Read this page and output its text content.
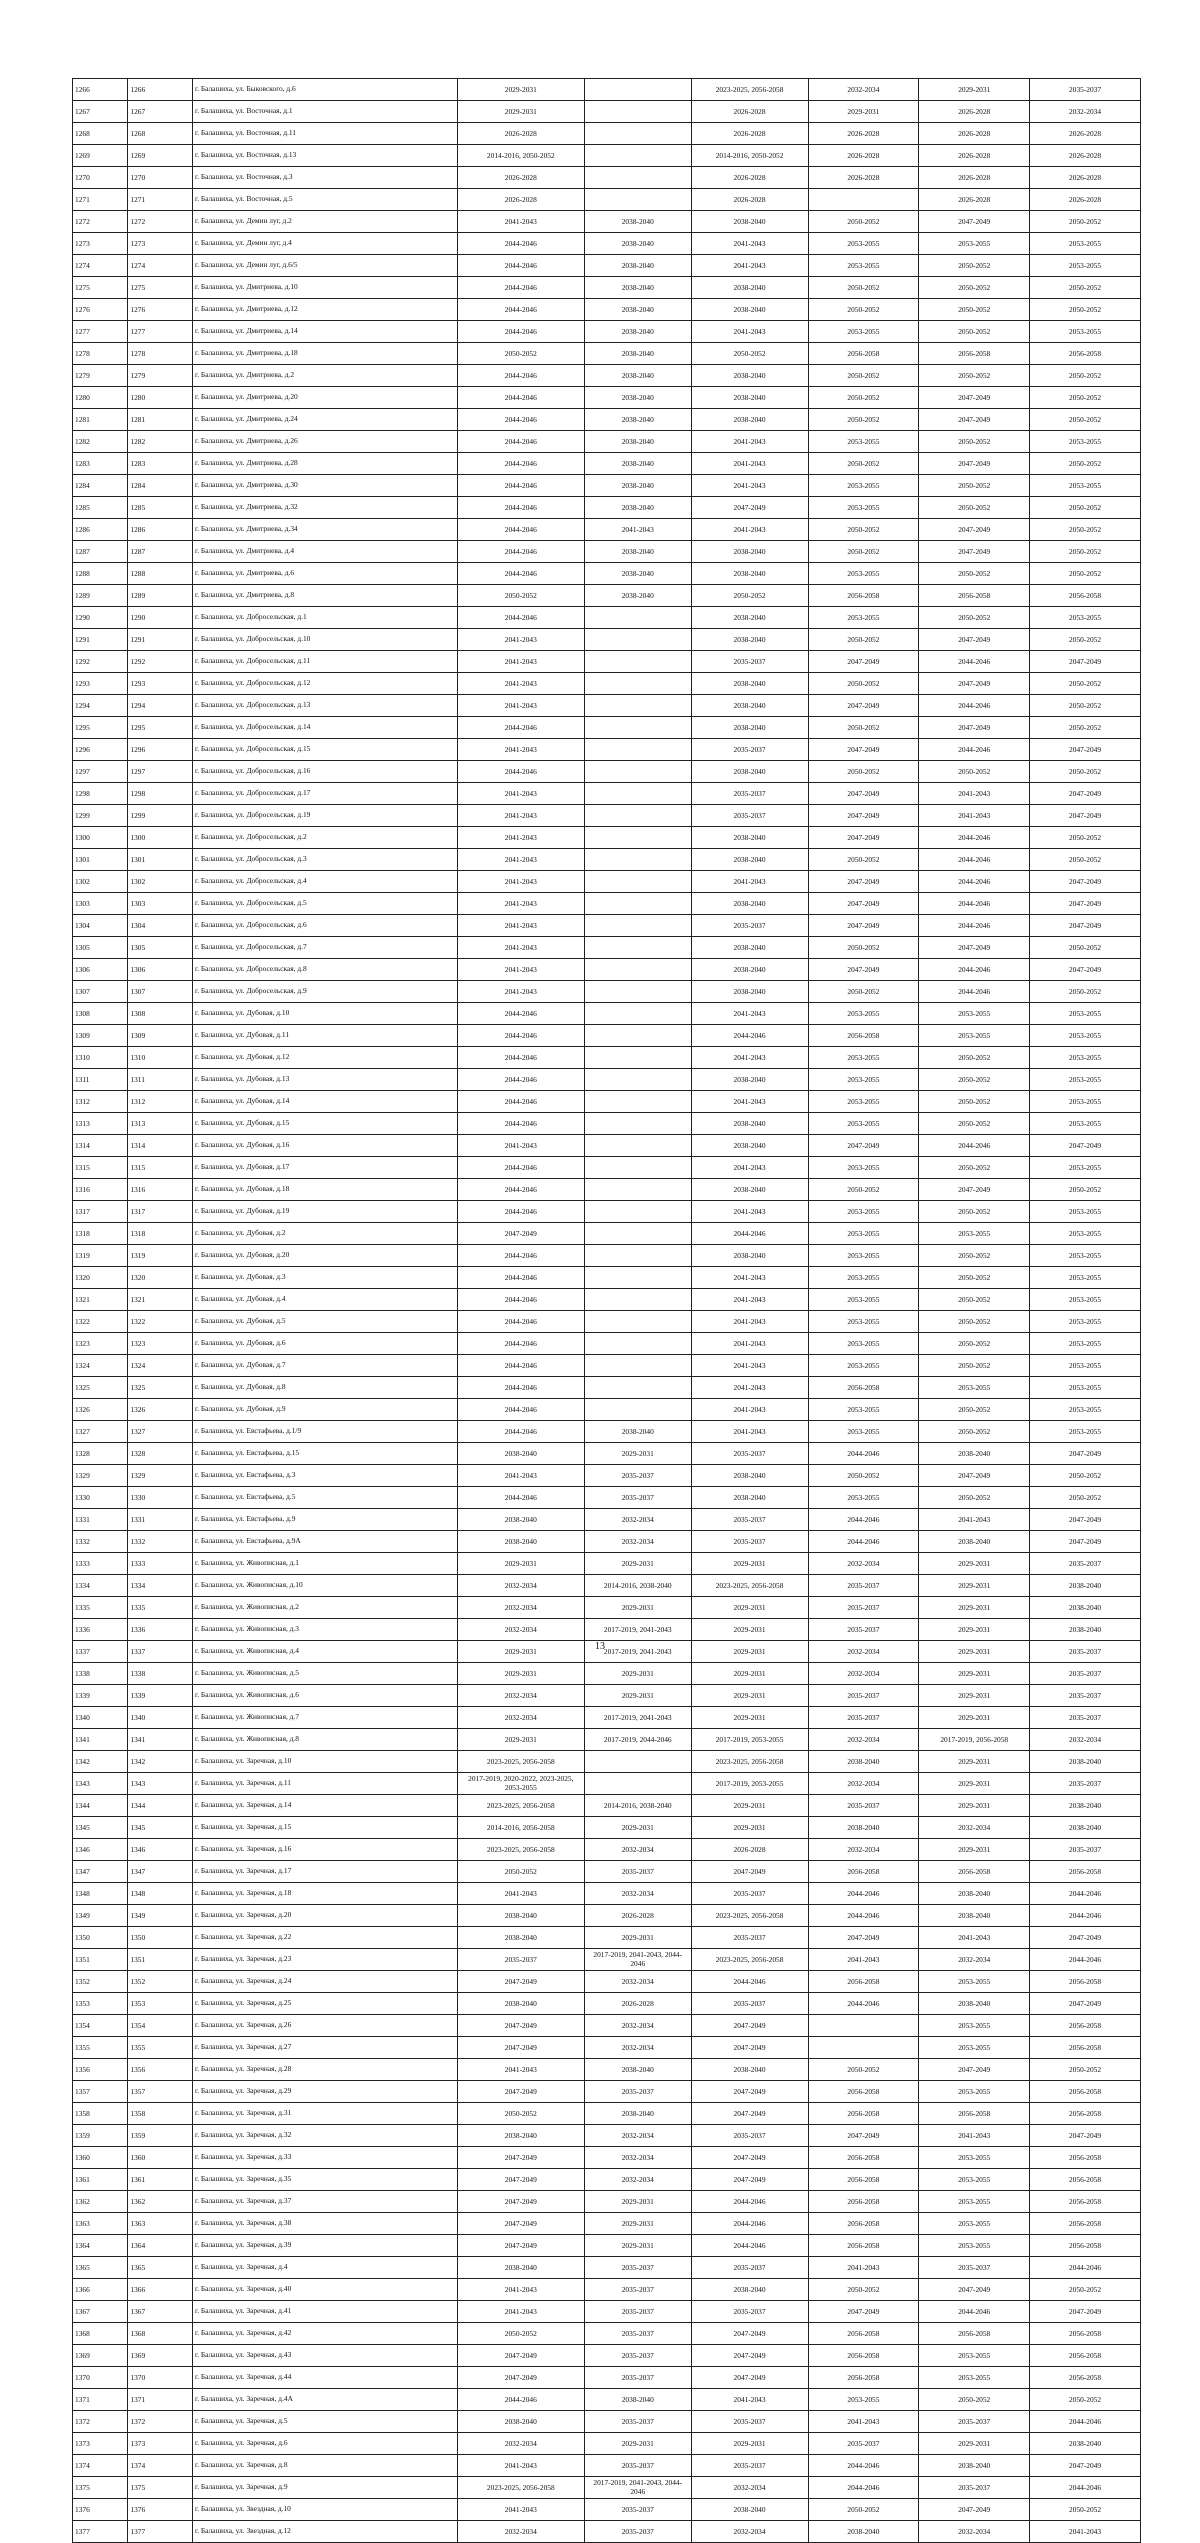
1266	1266	г. Балашиха, ул. Быковского, д.6	2029-2031		2023-2025, 2056-2058	2032-2034	2029-2031	2035-2037
1267	1267	г. Балашиха, ул. Восточная, д.1	2029-2031		2026-2028	2029-2031	2026-2028	2032-2034
1268	1268	г. Балашиха, ул. Восточная, д.11	2026-2028		2026-2028	2026-2028	2026-2028	2026-2028
1269	1269	г. Балашиха, ул. Восточная, д.13	2014-2016, 2050-2052		2014-2016, 2050-2052	2026-2028	2026-2028	2026-2028
1270	1270	г. Балашиха, ул. Восточная, д.3	2026-2028		2026-2028	2026-2028	2026-2028	2026-2028
1271	1271	г. Балашиха, ул. Восточная, д.5	2026-2028		2026-2028		2026-2028	2026-2028
1272	1272	г. Балашиха, ул. Демин луг, д.2	2041-2043	2038-2040	2038-2040	2050-2052	2047-2049	2050-2052
1273	1273	г. Балашиха, ул. Демин луг, д.4	2044-2046	2038-2040	2041-2043	2053-2055	2053-2055	2053-2055
1274	1274	г. Балашиха, ул. Демин луг, д.6/5	2044-2046	2038-2040	2041-2043	2053-2055	2050-2052	2053-2055
1275	1275	г. Балашиха, ул. Дмитриева, д.10	2044-2046	2038-2040	2038-2040	2050-2052	2050-2052	2050-2052
1276	1276	г. Балашиха, ул. Дмитриева, д.12	2044-2046	2038-2040	2038-2040	2050-2052	2050-2052	2050-2052
1277	1277	г. Балашиха, ул. Дмитриева, д.14	2044-2046	2038-2040	2041-2043	2053-2055	2050-2052	2053-2055
1278	1278	г. Балашиха, ул. Дмитриева, д.18	2050-2052	2038-2040	2050-2052	2056-2058	2056-2058	2056-2058
1279	1279	г. Балашиха, ул. Дмитриева, д.2	2044-2046	2038-2040	2038-2040	2050-2052	2050-2052	2050-2052
1280	1280	г. Балашиха, ул. Дмитриева, д.20	2044-2046	2038-2040	2038-2040	2050-2052	2047-2049	2050-2052
1281	1281	г. Балашиха, ул. Дмитриева, д.24	2044-2046	2038-2040	2038-2040	2050-2052	2047-2049	2050-2052
1282	1282	г. Балашиха, ул. Дмитриева, д.26	2044-2046	2038-2040	2041-2043	2053-2055	2050-2052	2053-2055
1283	1283	г. Балашиха, ул. Дмитриева, д.28	2044-2046	2038-2040	2041-2043	2050-2052	2047-2049	2050-2052
1284	1284	г. Балашиха, ул. Дмитриева, д.30	2044-2046	2038-2040	2041-2043	2053-2055	2050-2052	2053-2055
1285	1285	г. Балашиха, ул. Дмитриева, д.32	2044-2046	2038-2040	2047-2049	2053-2055	2050-2052	2050-2052
1286	1286	г. Балашиха, ул. Дмитриева, д.34	2044-2046	2041-2043	2041-2043	2050-2052	2047-2049	2050-2052
1287	1287	г. Балашиха, ул. Дмитриева, д.4	2044-2046	2038-2040	2038-2040	2050-2052	2047-2049	2050-2052
1288	1288	г. Балашиха, ул. Дмитриева, д.6	2044-2046	2038-2040	2038-2040	2053-2055	2050-2052	2050-2052
1289	1289	г. Балашиха, ул. Дмитриева, д.8	2050-2052	2038-2040	2050-2052	2056-2058	2056-2058	2056-2058
1290	1290	г. Балашиха, ул. Добросельская, д.1	2044-2046		2038-2040	2053-2055	2050-2052	2053-2055
1291	1291	г. Балашиха, ул. Добросельская, д.10	2041-2043		2038-2040	2050-2052	2047-2049	2050-2052
1292	1292	г. Балашиха, ул. Добросельская, д.11	2041-2043		2035-2037	2047-2049	2044-2046	2047-2049
1293	1293	г. Балашиха, ул. Добросельская, д.12	2041-2043		2038-2040	2050-2052	2047-2049	2050-2052
1294	1294	г. Балашиха, ул. Добросельская, д.13	2041-2043		2038-2040	2047-2049	2044-2046	2050-2052
1295	1295	г. Балашиха, ул. Добросельская, д.14	2044-2046		2038-2040	2050-2052	2047-2049	2050-2052
1296	1296	г. Балашиха, ул. Добросельская, д.15	2041-2043		2035-2037	2047-2049	2044-2046	2047-2049
1297	1297	г. Балашиха, ул. Добросельская, д.16	2044-2046		2038-2040	2050-2052	2050-2052	2050-2052
1298	1298	г. Балашиха, ул. Добросельская, д.17	2041-2043		2035-2037	2047-2049	2041-2043	2047-2049
1299	1299	г. Балашиха, ул. Добросельская, д.19	2041-2043		2035-2037	2047-2049	2041-2043	2047-2049
1300	1300	г. Балашиха, ул. Добросельская, д.2	2041-2043		2038-2040	2047-2049	2044-2046	2050-2052
1301	1301	г. Балашиха, ул. Добросельская, д.3	2041-2043		2038-2040	2050-2052	2044-2046	2050-2052
1302	1302	г. Балашиха, ул. Добросельская, д.4	2041-2043		2041-2043	2047-2049	2044-2046	2047-2049
1303	1303	г. Балашиха, ул. Добросельская, д.5	2041-2043		2038-2040	2047-2049	2044-2046	2047-2049
1304	1304	г. Балашиха, ул. Добросельская, д.6	2041-2043		2035-2037	2047-2049	2044-2046	2047-2049
1305	1305	г. Балашиха, ул. Добросельская, д.7	2041-2043		2038-2040	2050-2052	2047-2049	2050-2052
1306	1306	г. Балашиха, ул. Добросельская, д.8	2041-2043		2038-2040	2047-2049	2044-2046	2047-2049
1307	1307	г. Балашиха, ул. Добросельская, д.9	2041-2043		2038-2040	2050-2052	2044-2046	2050-2052
1308	1308	г. Балашиха, ул. Дубовая, д.10	2044-2046		2041-2043	2053-2055	2053-2055	2053-2055
1309	1309	г. Балашиха, ул. Дубовая, д.11	2044-2046		2044-2046	2056-2058	2053-2055	2053-2055
1310	1310	г. Балашиха, ул. Дубовая, д.12	2044-2046		2041-2043	2053-2055	2050-2052	2053-2055
1311	1311	г. Балашиха, ул. Дубовая, д.13	2044-2046		2038-2040	2053-2055	2050-2052	2053-2055
1312	1312	г. Балашиха, ул. Дубовая, д.14	2044-2046		2041-2043	2053-2055	2050-2052	2053-2055
1313	1313	г. Балашиха, ул. Дубовая, д.15	2044-2046		2038-2040	2053-2055	2050-2052	2053-2055
1314	1314	г. Балашиха, ул. Дубовая, д.16	2041-2043		2038-2040	2047-2049	2044-2046	2047-2049
1315	1315	г. Балашиха, ул. Дубовая, д.17	2044-2046		2041-2043	2053-2055	2050-2052	2053-2055
1316	1316	г. Балашиха, ул. Дубовая, д.18	2044-2046		2038-2040	2050-2052	2047-2049	2050-2052
1317	1317	г. Балашиха, ул. Дубовая, д.19	2044-2046		2041-2043	2053-2055	2050-2052	2053-2055
1318	1318	г. Балашиха, ул. Дубовая, д.2	2047-2049		2044-2046	2053-2055	2053-2055	2053-2055
1319	1319	г. Балашиха, ул. Дубовая, д.20	2044-2046		2038-2040	2053-2055	2050-2052	2053-2055
1320	1320	г. Балашиха, ул. Дубовая, д.3	2044-2046		2041-2043	2053-2055	2050-2052	2053-2055
1321	1321	г. Балашиха, ул. Дубовая, д.4	2044-2046		2041-2043	2053-2055	2050-2052	2053-2055
1322	1322	г. Балашиха, ул. Дубовая, д.5	2044-2046		2041-2043	2053-2055	2050-2052	2053-2055
1323	1323	г. Балашиха, ул. Дубовая, д.6	2044-2046		2041-2043	2053-2055	2050-2052	2053-2055
1324	1324	г. Балашиха, ул. Дубовая, д.7	2044-2046		2041-2043	2053-2055	2050-2052	2053-2055
1325	1325	г. Балашиха, ул. Дубовая, д.8	2044-2046		2041-2043	2056-2058	2053-2055	2053-2055
1326	1326	г. Балашиха, ул. Дубовая, д.9	2044-2046		2041-2043	2053-2055	2050-2052	2053-2055
1327	1327	г. Балашиха, ул. Евстафьева, д.1/9	2044-2046	2038-2040	2041-2043	2053-2055	2050-2052	2053-2055
1328	1328	г. Балашиха, ул. Евстафьева, д.15	2038-2040	2029-2031	2035-2037	2044-2046	2038-2040	2047-2049
1329	1329	г. Балашиха, ул. Евстафьева, д.3	2041-2043	2035-2037	2038-2040	2050-2052	2047-2049	2050-2052
1330	1330	г. Балашиха, ул. Евстафьева, д.5	2044-2046	2035-2037	2038-2040	2053-2055	2050-2052	2050-2052
1331	1331	г. Балашиха, ул. Евстафьева, д.9	2038-2040	2032-2034	2035-2037	2044-2046	2041-2043	2047-2049
1332	1332	г. Балашиха, ул. Евстафьева, д.9А	2038-2040	2032-2034	2035-2037	2044-2046	2038-2040	2047-2049
1333	1333	г. Балашиха, ул. Живописная, д.1	2029-2031	2029-2031	2029-2031	2032-2034	2029-2031	2035-2037
1334	1334	г. Балашиха, ул. Живописная, д.10	2032-2034	2014-2016, 2038-2040	2023-2025, 2056-2058	2035-2037	2029-2031	2038-2040
1335	1335	г. Балашиха, ул. Живописная, д.2	2032-2034	2029-2031	2029-2031	2035-2037	2029-2031	2038-2040
1336	1336	г. Балашиха, ул. Живописная, д.3	2032-2034	2017-2019, 2041-2043	2029-2031	2035-2037	2029-2031	2038-2040
1337	1337	г. Балашиха, ул. Живописная, д.4	2029-2031	2017-2019, 2041-2043	2029-2031	2032-2034	2029-2031	2035-2037
1338	1338	г. Балашиха, ул. Живописная, д.5	2029-2031	2029-2031	2029-2031	2032-2034	2029-2031	2035-2037
1339	1339	г. Балашиха, ул. Живописная, д.6	2032-2034	2029-2031	2029-2031	2035-2037	2029-2031	2035-2037
1340	1340	г. Балашиха, ул. Живописная, д.7	2032-2034	2017-2019, 2041-2043	2029-2031	2035-2037	2029-2031	2035-2037
1341	1341	г. Балашиха, ул. Живописная, д.8	2029-2031	2017-2019, 2044-2046	2017-2019, 2053-2055	2032-2034	2017-2019, 2056-2058	2032-2034
1342	1342	г. Балашиха, ул. Заречная, д.10	2023-2025, 2056-2058		2023-2025, 2056-2058	2038-2040	2029-2031	2038-2040
1343	1343	г. Балашиха, ул. Заречная, д.11	2017-2019, 2020-2022, 2023-2025, 2053-2055		2017-2019, 2053-2055	2032-2034	2029-2031	2035-2037
1344	1344	г. Балашиха, ул. Заречная, д.14	2023-2025, 2056-2058	2014-2016, 2038-2040	2029-2031	2035-2037	2029-2031	2038-2040
1345	1345	г. Балашиха, ул. Заречная, д.15	2014-2016, 2056-2058	2029-2031	2029-2031	2038-2040	2032-2034	2038-2040
1346	1346	г. Балашиха, ул. Заречная, д.16	2023-2025, 2056-2058	2032-2034	2026-2028	2032-2034	2029-2031	2035-2037
1347	1347	г. Балашиха, ул. Заречная, д.17	2050-2052	2035-2037	2047-2049	2056-2058	2056-2058	2056-2058
1348	1348	г. Балашиха, ул. Заречная, д.18	2041-2043	2032-2034	2035-2037	2044-2046	2038-2040	2044-2046
1349	1349	г. Балашиха, ул. Заречная, д.20	2038-2040	2026-2028	2023-2025, 2056-2058	2044-2046	2038-2040	2044-2046
1350	1350	г. Балашиха, ул. Заречная, д.22	2038-2040	2029-2031	2035-2037	2047-2049	2041-2043	2047-2049
1351	1351	г. Балашиха, ул. Заречная, д.23	2035-2037	2017-2019, 2041-2043, 2044-2046	2023-2025, 2056-2058	2041-2043	2032-2034	2044-2046
1352	1352	г. Балашиха, ул. Заречная, д.24	2047-2049	2032-2034	2044-2046	2056-2058	2053-2055	2056-2058
1353	1353	г. Балашиха, ул. Заречная, д.25	2038-2040	2026-2028	2035-2037	2044-2046	2038-2040	2047-2049
1354	1354	г. Балашиха, ул. Заречная, д.26	2047-2049	2032-2034	2047-2049		2053-2055	2056-2058
1355	1355	г. Балашиха, ул. Заречная, д.27	2047-2049	2032-2034	2047-2049		2053-2055	2056-2058
1356	1356	г. Балашиха, ул. Заречная, д.28	2041-2043	2038-2040	2038-2040	2050-2052	2047-2049	2050-2052
1357	1357	г. Балашиха, ул. Заречная, д.29	2047-2049	2035-2037	2047-2049	2056-2058	2053-2055	2056-2058
1358	1358	г. Балашиха, ул. Заречная, д.31	2050-2052	2038-2040	2047-2049	2056-2058	2056-2058	2056-2058
1359	1359	г. Балашиха, ул. Заречная, д.32	2038-2040	2032-2034	2035-2037	2047-2049	2041-2043	2047-2049
1360	1360	г. Балашиха, ул. Заречная, д.33	2047-2049	2032-2034	2047-2049	2056-2058	2053-2055	2056-2058
1361	1361	г. Балашиха, ул. Заречная, д.35	2047-2049	2032-2034	2047-2049	2056-2058	2053-2055	2056-2058
1362	1362	г. Балашиха, ул. Заречная, д.37	2047-2049	2029-2031	2044-2046	2056-2058	2053-2055	2056-2058
1363	1363	г. Балашиха, ул. Заречная, д.38	2047-2049	2029-2031	2044-2046	2056-2058	2053-2055	2056-2058
1364	1364	г. Балашиха, ул. Заречная, д.39	2047-2049	2029-2031	2044-2046	2056-2058	2053-2055	2056-2058
1365	1365	г. Балашиха, ул. Заречная, д.4	2038-2040	2035-2037	2035-2037	2041-2043	2035-2037	2044-2046
1366	1366	г. Балашиха, ул. Заречная, д.40	2041-2043	2035-2037	2038-2040	2050-2052	2047-2049	2050-2052
1367	1367	г. Балашиха, ул. Заречная, д.41	2041-2043	2035-2037	2035-2037	2047-2049	2044-2046	2047-2049
1368	1368	г. Балашиха, ул. Заречная, д.42	2050-2052	2035-2037	2047-2049	2056-2058	2056-2058	2056-2058
1369	1369	г. Балашиха, ул. Заречная, д.43	2047-2049	2035-2037	2047-2049	2056-2058	2053-2055	2056-2058
1370	1370	г. Балашиха, ул. Заречная, д.44	2047-2049	2035-2037	2047-2049	2056-2058	2053-2055	2056-2058
1371	1371	г. Балашиха, ул. Заречная, д.4А	2044-2046	2038-2040	2041-2043	2053-2055	2050-2052	2050-2052
1372	1372	г. Балашиха, ул. Заречная, д.5	2038-2040	2035-2037	2035-2037	2041-2043	2035-2037	2044-2046
1373	1373	г. Балашиха, ул. Заречная, д.6	2032-2034	2029-2031	2029-2031	2035-2037	2029-2031	2038-2040
1374	1374	г. Балашиха, ул. Заречная, д.8	2041-2043	2035-2037	2035-2037	2044-2046	2038-2040	2047-2049
1375	1375	г. Балашиха, ул. Заречная, д.9	2023-2025, 2056-2058	2017-2019, 2041-2043, 2044-2046	2032-2034	2044-2046	2035-2037	2044-2046
1376	1376	г. Балашиха, ул. Звездная, д.10	2041-2043	2035-2037	2038-2040	2050-2052	2047-2049	2050-2052
1377	1377	г. Балашиха, ул. Звездная, д.12	2032-2034	2035-2037	2032-2034	2038-2040	2032-2034	2041-2043
13
